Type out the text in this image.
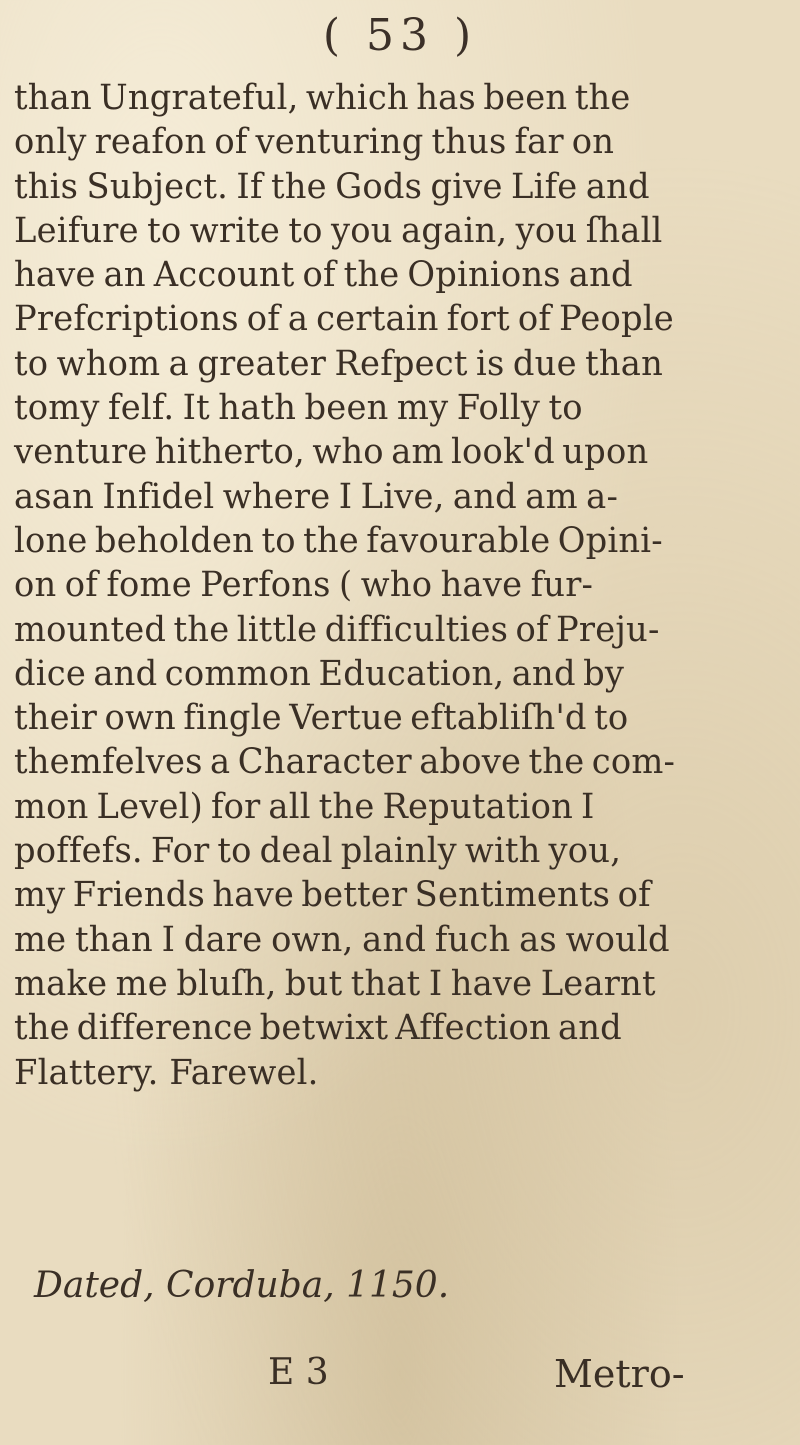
( 53 )
than Ungrateful, which has been the
only reafon of venturing thus far on
this Subject. If the Gods give Life and
Leifure to write to you again, you ſhall
have an Account of the Opinions and
Prefcriptions of a certain fort of People
to whom a greater Refpect is due than
tomy felf. It hath been my Folly to
venture hitherto, who am look'd upon
asan Infidel where I Live, and am a-
lone beholden to the favourable Opini-
on of fome Perfons ( who have fur-
mounted the little difficulties of Preju-
dice and common Education, and by
their own fingle Vertue eftabliſh'd to
themfelves a Character above the com-
mon Level) for all the Reputation I
poffefs. For to deal plainly with you,
my Friends have better Sentiments of
me than I dare own, and fuch as would
make me bluſh, but that I have Learnt
the difference betwixt Affection and
Flattery. Farewel.
Dated, Corduba, 1150.
E 3	Metro-
